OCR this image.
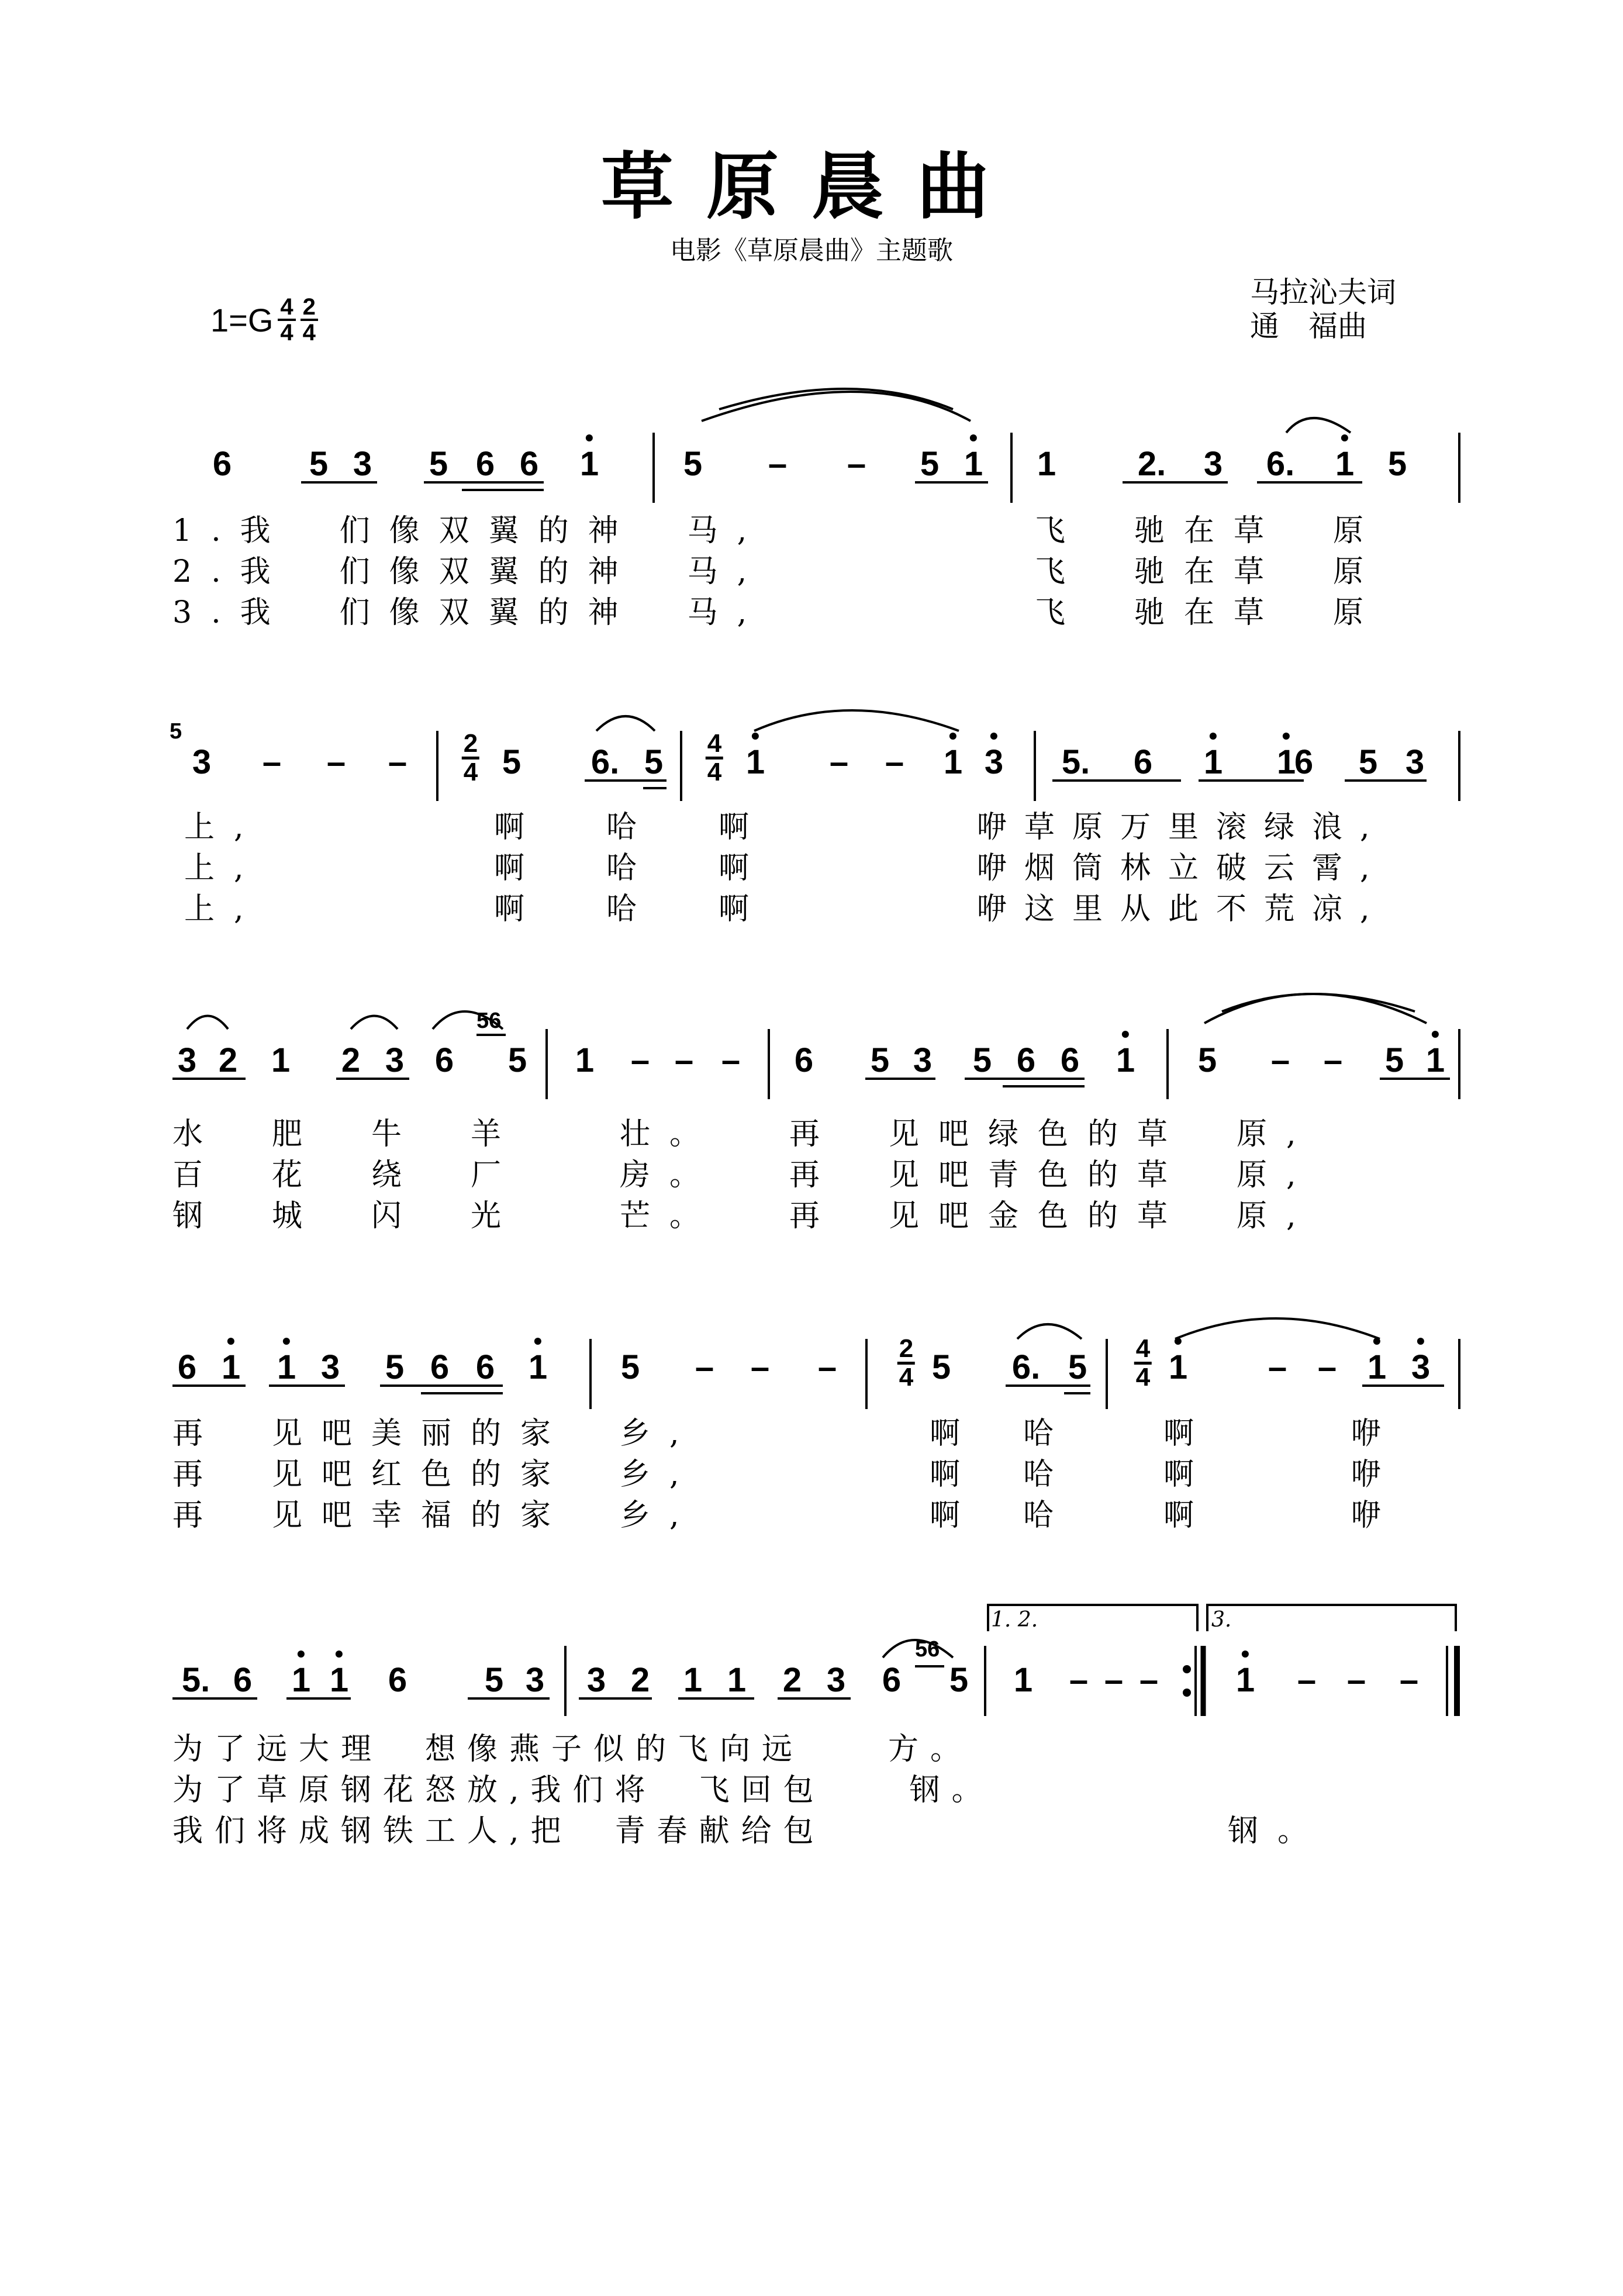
草原晨曲
电影《草原晨曲》主题歌
马拉沁夫词
通　福曲
$1=G \frac{4}{4} \frac{2}{4}$
6 5 3 5 6 6 1 5 – – 5 1 1 2. 3 6. 1 5
1.我　们像双翼的神　马,
2.我　们像双翼的神　马,
3.我　们像双翼的神　马,
飞　驰在草　原
飞　驰在草　原
飞　驰在草　原
5
3 – – – 2
4 5 6. 5 4
4 1 – – 1 3 5. 6 1 1
6 5 3
上,
上,
上,
啊　哈　啊
啊　哈　啊
啊　哈　啊
咿草原万里滚绿浪,
咿烟筒林立破云霄,
咿这里从此不荒凉,
3 2 1 2 3 6
56
5 1 – – – 6 5 3 5 6 6 1 5 – – 5 1
水　肥　牛　羊　　壮。
百　花　绕　厂　　房。
钢　城　闪　光　　芒。
再　见吧绿色的草　原,
再　见吧青色的草　原,
再　见吧金色的草　原,
6 1 1 3 5 6 6 1 5 – – – 2
4 5 6. 5 4
4 1 – – 1 3
再　见吧美丽的家　乡,
再　见吧红色的家　乡,
再　见吧幸福的家　乡,
啊　哈　　啊　　　咿
啊　哈　　啊　　　咿
啊　哈　　啊　　　咿
1. 2.	3.
5. 6 1 1 6 5 3 3 2 1 1 2 3 6
56
5 1 – – – 1 – – –
为了远大理　想像燕子似的飞向远　　方。
为了草原钢花怒放,我们将　飞回包　　钢。
我们将成钢铁工人,把　青春献给包	钢。
